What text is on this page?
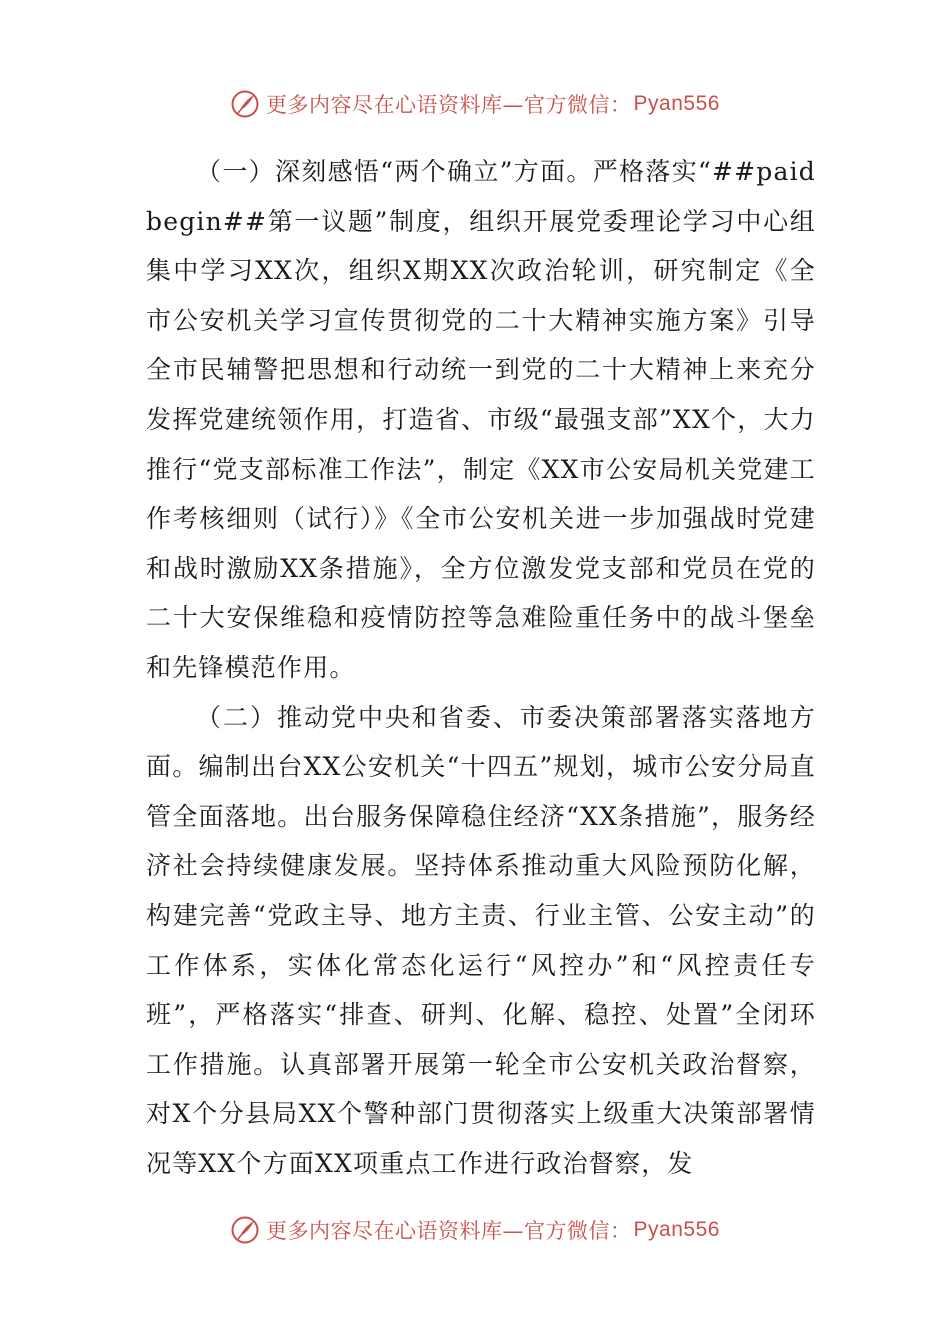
更多内容尽在心语资料库—官方微信： Pyan556

（一）深刻感悟“两个确立”方面。严格落实“##paidbegin##第一议题”制度，组织开展党委理论学习中心组集中学习XX次，组织X期XX次政治轮训，研究制定《全市公安机关学习宣传贯彻党的二十大精神实施方案》引导全市民辅警把思想和行动统一到党的二十大精神上来充分发挥党建统领作用，打造省、市级“最强支部”XX个，大力推行“党支部标准工作法”，制定《XX市公安局机关党建工作考核细则（试行）》《全市公安机关进一步加强战时党建和战时激励XX条措施》，全方位激发党支部和党员在党的二十大安保维稳和疫情防控等急难险重任务中的战斗堡垒和先锋模范作用。

（二）推动党中央和省委、市委决策部署落实落地方面。编制出台XX公安机关“十四五”规划，城市公安分局直管全面落地。出台服务保障稳住经济“XX条措施”，服务经济社会持续健康发展。坚持体系推动重大风险预防化解，构建完善“党政主导、地方主责、行业主管、公安主动”的工作体系，实体化常态化运行“风控办”和“风控责任专班”，严格落实“排查、研判、化解、稳控、处置”全闭环工作措施。认真部署开展第一轮全市公安机关政治督察，对X个分县局XX个警种部门贯彻落实上级重大决策部署情况等XX个方面XX项重点工作进行政治督察，发

更多内容尽在心语资料库—官方微信： Pyan556
